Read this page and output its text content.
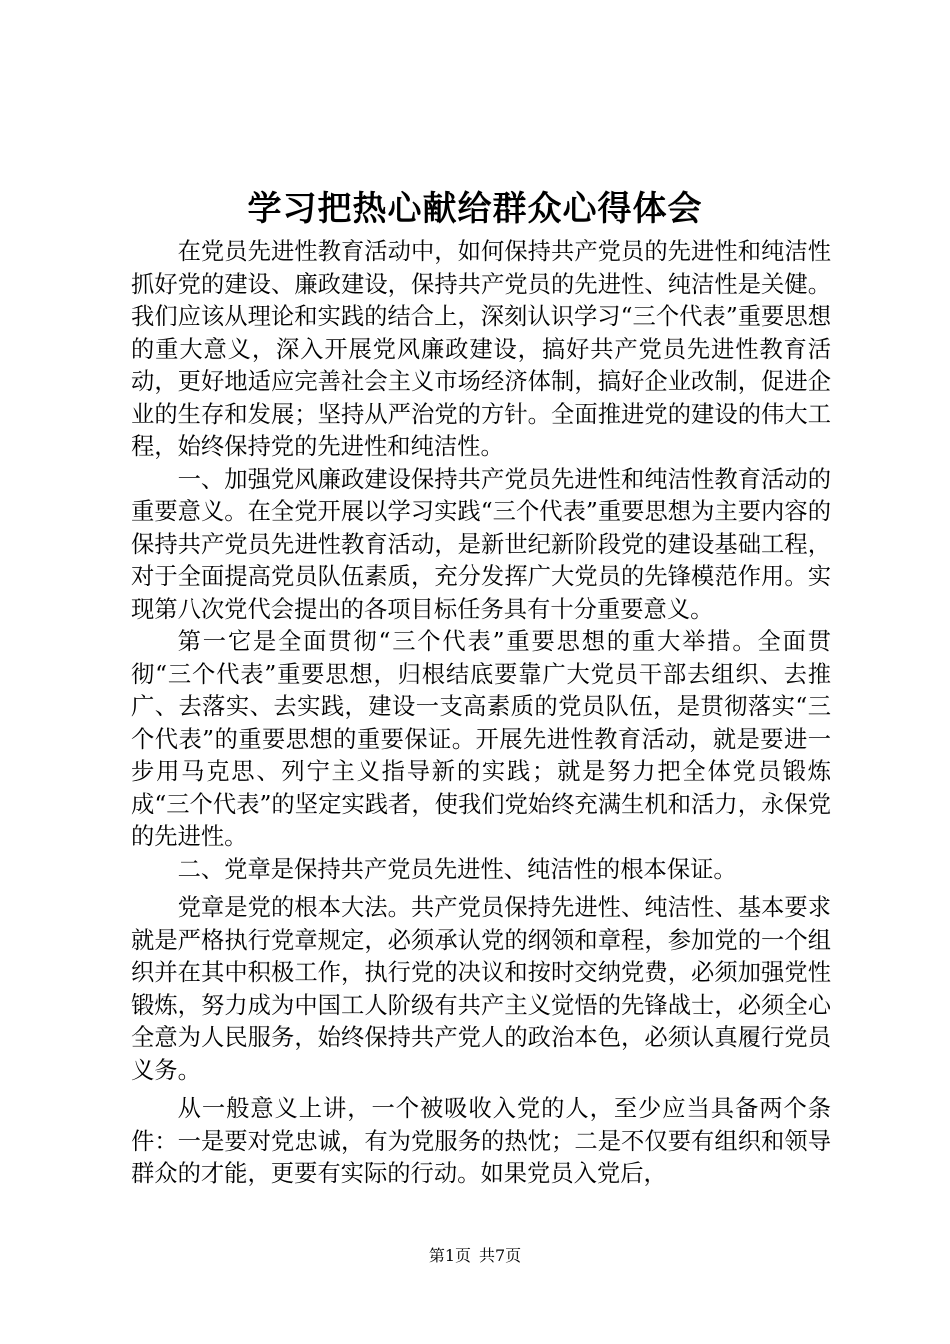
学习把热心献给群众心得体会

在党员先进性教育活动中，如何保持共产党员的先进性和纯洁性抓好党的建设、廉政建设，保持共产党员的先进性、纯洁性是关健。我们应该从理论和实践的结合上，深刻认识学习“三个代表”重要思想的重大意义，深入开展党风廉政建设，搞好共产党员先进性教育活动，更好地适应完善社会主义市场经济体制，搞好企业改制，促进企业的生存和发展；坚持从严治党的方针。全面推进党的建设的伟大工程，始终保持党的先进性和纯洁性。

一、加强党风廉政建设保持共产党员先进性和纯洁性教育活动的重要意义。在全党开展以学习实践“三个代表”重要思想为主要内容的保持共产党员先进性教育活动，是新世纪新阶段党的建设基础工程，对于全面提高党员队伍素质，充分发挥广大党员的先锋模范作用。实现第八次党代会提出的各项目标任务具有十分重要意义。

第一它是全面贯彻“三个代表”重要思想的重大举措。全面贯彻“三个代表”重要思想，归根结底要靠广大党员干部去组织、去推广、去落实、去实践，建设一支高素质的党员队伍，是贯彻落实“三个代表”的重要思想的重要保证。开展先进性教育活动，就是要进一步用马克思、列宁主义指导新的实践；就是努力把全体党员锻炼成“三个代表”的坚定实践者，使我们党始终充满生机和活力，永保党的先进性。

二、党章是保持共产党员先进性、纯洁性的根本保证。

党章是党的根本大法。共产党员保持先进性、纯洁性、基本要求就是严格执行党章规定，必须承认党的纲领和章程，参加党的一个组织并在其中积极工作，执行党的决议和按时交纳党费，必须加强党性锻炼，努力成为中国工人阶级有共产主义觉悟的先锋战士，必须全心全意为人民服务，始终保持共产党人的政治本色，必须认真履行党员义务。

从一般意义上讲，一个被吸收入党的人，至少应当具备两个条件：一是要对党忠诚，有为党服务的热忱；二是不仅要有组织和领导群众的才能，更要有实际的行动。如果党员入党后，

第1页 共7页
